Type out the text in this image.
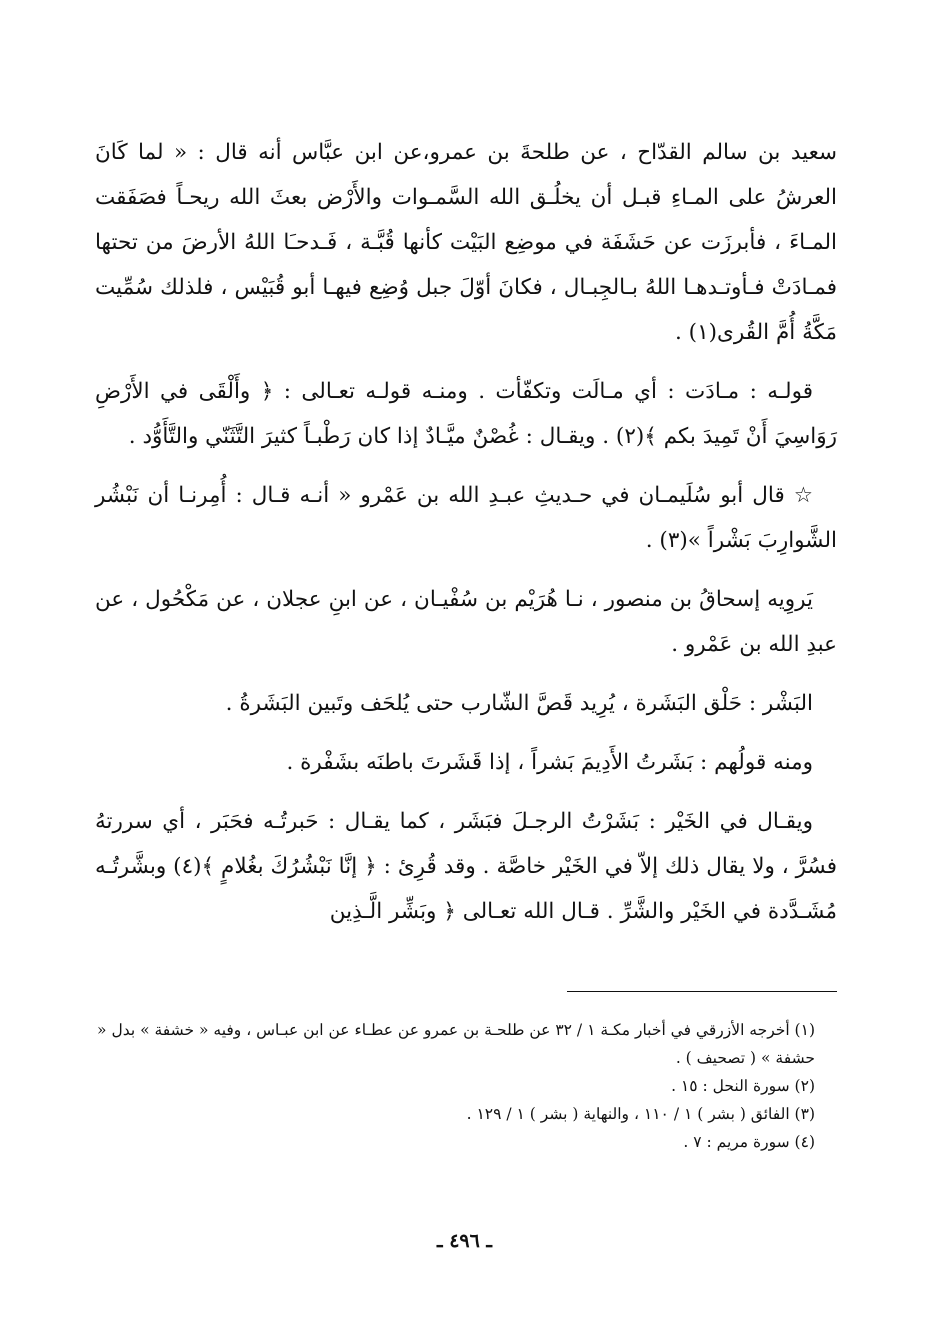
سعيد بن سالم القدّاح ، عن طلحةَ بن عمرو،عن ابن عبَّاس أنه قال : « لما كَانَ العرشُ على المـاءِ قبـل أن يخلُـق الله السَّمـوات والأَرْض بعثَ الله ريحـاً فصَفَقت المـاءَ ، فأبرزَت عن حَشَفَة في موضِع البَيْت كأنها قُبَّـة ، فَـدحـَا اللهُ الأرضَ من تحتها فمـادَتْ فـأوتـدهـا اللهُ بـالجِبـال ، فكانَ أوّلَ جبل وُضِع فيهـا أبو قُبَيْس ، فلذلك سُمِّيت مَكَّةُ أُمَّ القُرى(١) .

قولـه : مـادَت : أي مـالَت وتكفّأت . ومنـه قولـه تعـالى : ﴿ وأَلْقَى في الأَرْضِ رَوَاسِيَ أَنْ تَمِيدَ بكم ﴾(٢) . ويقـال : غُصْنٌ ميَّـادٌ إذا كان رَطْبـاً كثيرَ التَّثَنّي والتَّأَوُّد .

☆ قال أبو سُلَيمـان في حـديثِ عبـدِ الله بن عَمْرو « أنـه قـال : أُمِرنـا أن نَبْشُر الشَّوارِبَ بَشْراً »(٣) .

يَروِيه إسحاقُ بن منصور ، نـا هُرَيْم بن سُفْيـان ، عن ابنِ عجلان ، عن مَكْحُول ، عن عبدِ الله بن عَمْرو .

البَشْر : حَلْق البَشَرة ، يُرِيد قَصَّ الشّارب حتى يُلحَف وتَبين البَشَرةُ .

ومنه قولُهم : بَشَرتُ الأَدِيمَ بَشراً ، إذا قَشَرتَ باطنَه بشَفْرة .

ويقـال في الخَيْر : بَشَرْتُ الرجـلَ فبَشَر ، كما يقـال : حَبرتُـه فحَبَر ، أي سررتهُ فسُرَّ ، ولا يقال ذلك إلاّ في الخَيْر خاصَّة . وقد قُرِئ : ﴿ إنَّا نَبْشُرُكَ بغُلامٍ ﴾(٤) وبشَّرتُـه مُشَـدَّدة في الخَيْر والشَّرِّ . قـال الله تعـالى ﴿ وبَشِّر الَّـذِين

(١) أخرجه الأزرقي في أخبار مكـة ١ / ٣٢ عن طلحـة بن عمرو عن عطـاء عن ابن عبـاس ، وفيه « خشفة » بدل « حشفة » ( تصحيف ) .

(٢) سورة النحل : ١٥ .

(٣) الفائق ( بشر ) ١ / ١١٠ ، والنهاية ( بشر ) ١ / ١٢٩ .

(٤) سورة مريم : ٧ .

ـ ٤٩٦ ـ
